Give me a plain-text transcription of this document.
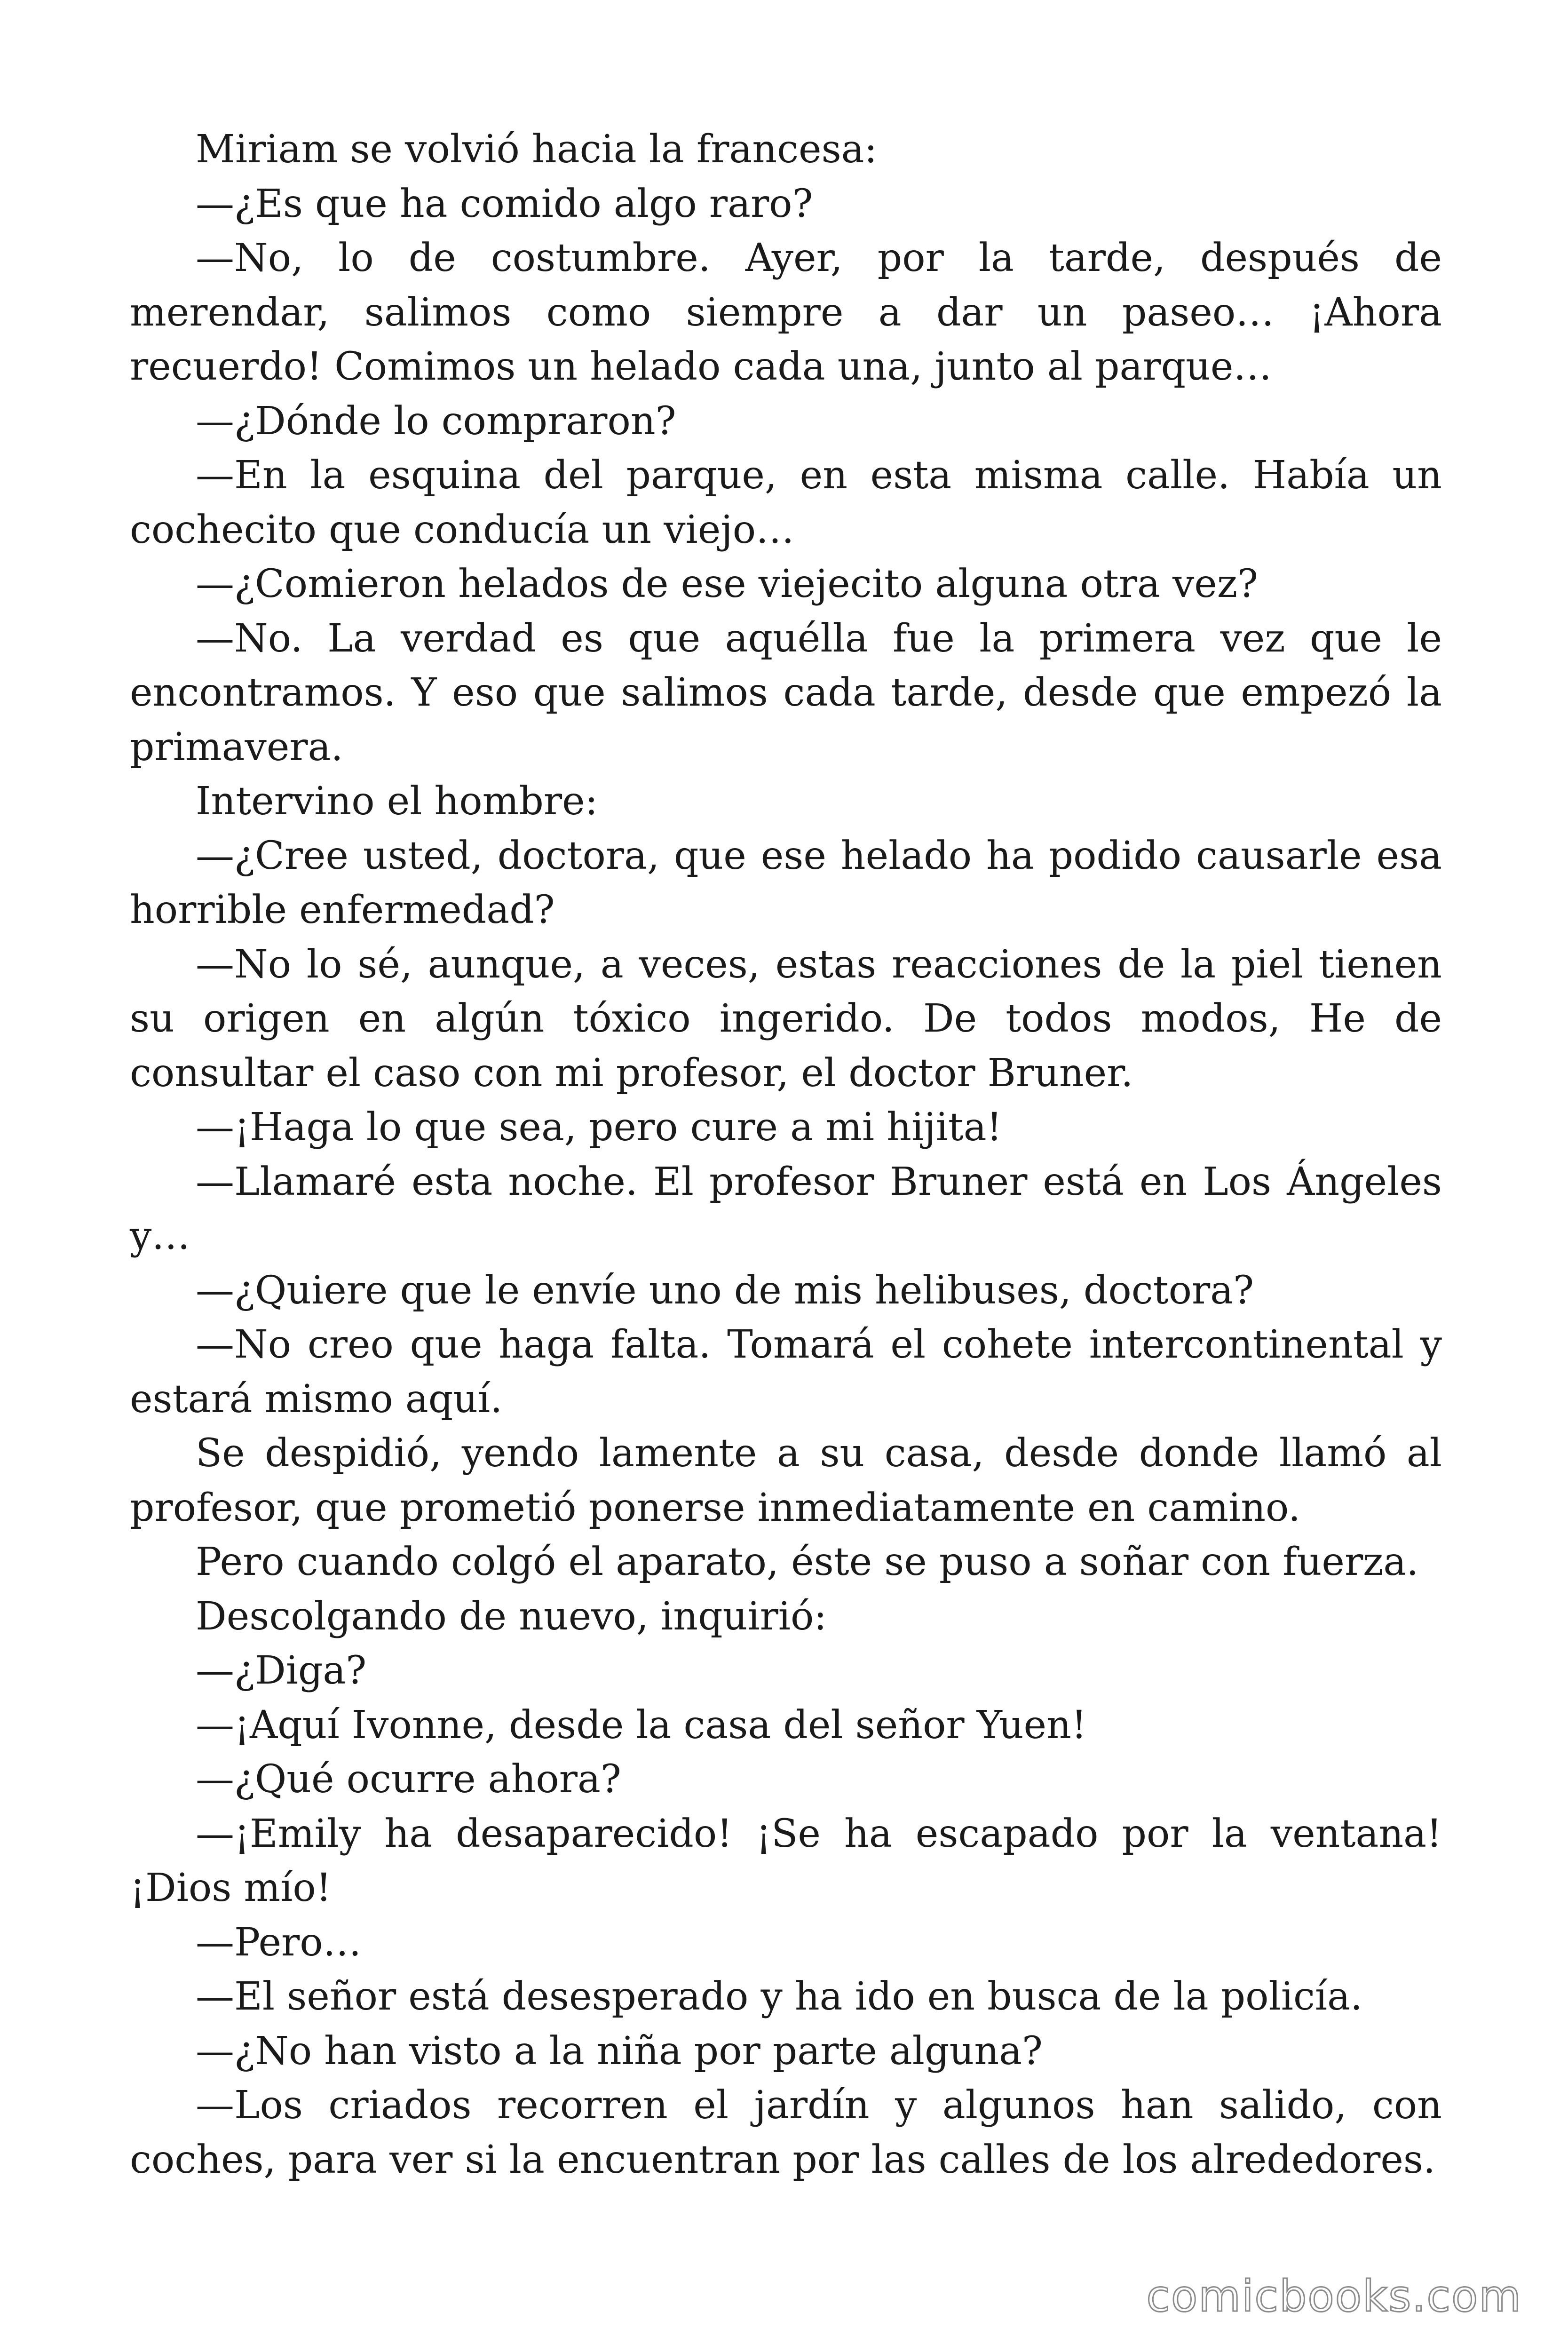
Miriam se volvió hacia la francesa:

—¿Es que ha comido algo raro?

—No, lo de costumbre. Ayer, por la tarde, después de merendar, salimos como siempre a dar un paseo… ¡Ahora recuerdo! Comimos un helado cada una, junto al parque…

—¿Dónde lo compraron?

—En la esquina del parque, en esta misma calle. Había un cochecito que conducía un viejo…

—¿Comieron helados de ese viejecito alguna otra vez?

—No. La verdad es que aquélla fue la primera vez que le encontramos. Y eso que salimos cada tarde, desde que empezó la primavera.

Intervino el hombre:

—¿Cree usted, doctora, que ese helado ha podido causarle esa horrible enfermedad?

—No lo sé, aunque, a veces, estas reacciones de la piel tienen su origen en algún tóxico ingerido. De todos modos, He de consultar el caso con mi profesor, el doctor Bruner.

—¡Haga lo que sea, pero cure a mi hijita!

—Llamaré esta noche. El profesor Bruner está en Los Ángeles y…

—¿Quiere que le envíe uno de mis helibuses, doctora?

—No creo que haga falta. Tomará el cohete intercontinental y estará mismo aquí.

Se despidió, yendo lamente a su casa, desde donde llamó al profesor, que prometió ponerse inmediatamente en camino.

Pero cuando colgó el aparato, éste se puso a soñar con fuerza.

Descolgando de nuevo, inquirió:

—¿Diga?

—¡Aquí Ivonne, desde la casa del señor Yuen!

—¿Qué ocurre ahora?

—¡Emily ha desaparecido! ¡Se ha escapado por la ventana! ¡Dios mío!

—Pero…

—El señor está desesperado y ha ido en busca de la policía.

—¿No han visto a la niña por parte alguna?

—Los criados recorren el jardín y algunos han salido, con coches, para ver si la encuentran por las calles de los alrededores.

comicbooks.com
